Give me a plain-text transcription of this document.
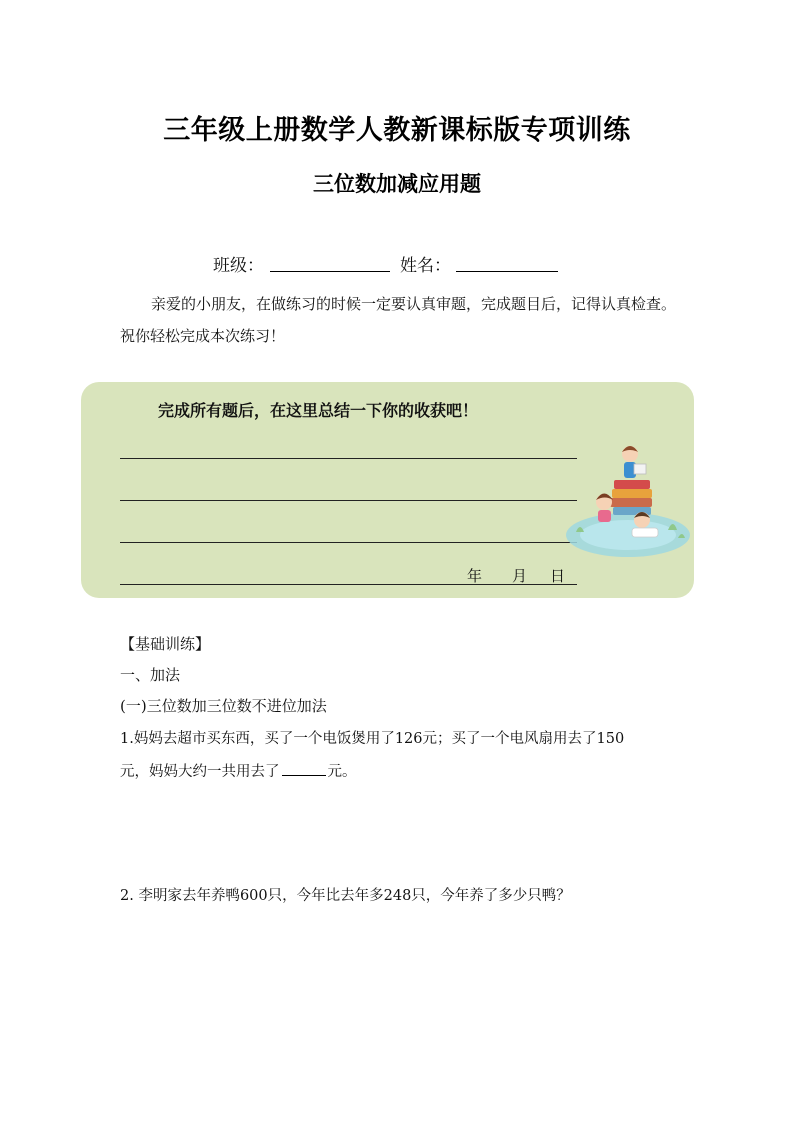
三年级上册数学人教新课标版专项训练
三位数加减应用题
班级：	姓名：
亲爱的小朋友，在做练习的时候一定要认真审题，完成题目后，记得认真检查。祝你轻松完成本次练习！
完成所有题后，在这里总结一下你的收获吧！
年 月 日
【基础训练】
一、加法
(一)三位数加三位数不进位加法
1.妈妈去超市买东西，买了一个电饭煲用了126元；买了一个电风扇用去了150
元，妈妈大约一共用去了	元。
2. 李明家去年养鸭600只，今年比去年多248只，今年养了多少只鸭？
